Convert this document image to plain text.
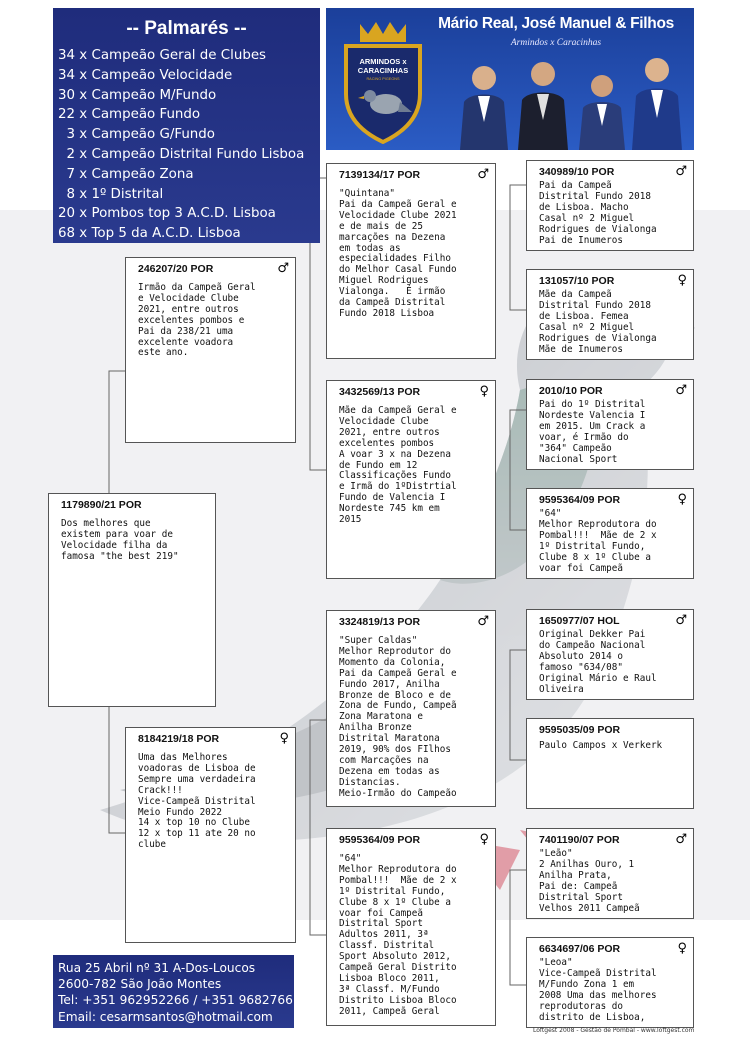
-- Palmarés --
34 x Campeão Geral de Clubes
34 x Campeão Velocidade
30 x Campeão M/Fundo
22 x Campeão Fundo
3 x Campeão G/Fundo
2 x Campeão Distrital Fundo Lisboa
7 x Campeão Zona
8 x 1º Distrital
20 x Pombos top 3 A.C.D. Lisboa
68 x Top 5 da A.C.D. Lisboa
ARMINDOS x
CARACINHAS
RACING PIGEONS
Mário Real, José Manuel & Filhos
Armindos x Caracinhas
1179890/21 POR
Dos melhores que
existem para voar de
Velocidade filha da
famosa "the best 219"
246207/20 POR	♂
Irmão da Campeã Geral
e Velocidade Clube
2021, entre outros
excelentes pombos e
Pai da 238/21 uma
excelente voadora
este ano.
8184219/18 POR	♀
Uma das Melhores
voadoras de Lisboa de
Sempre uma verdadeira
Crack!!!
Vice-Campeã Distrital
Meio Fundo 2022
14 x top 10 no Clube
12 x top 11 ate 20 no
clube
7139134/17 POR	♂
"Quintana"
Pai da Campeã Geral e
Velocidade Clube 2021
e de mais de 25
marcações na Dezena
em todas as
especialidades Filho
do Melhor Casal Fundo
Miguel Rodrigues
Vialonga.   É irmão
da Campeã Distrital
Fundo 2018 Lisboa
3432569/13 POR	♀
Mãe da Campeã Geral e
Velocidade Clube
2021, entre outros
excelentes pombos
A voar 3 x na Dezena
de Fundo em 12
Classificações Fundo
e Irmã do 1ºDistrtial
Fundo de Valencia I
Nordeste 745 km em
2015
3324819/13 POR	♂
"Super Caldas"
Melhor Reprodutor do
Momento da Colonia,
Pai da Campeã Geral e
Fundo 2017, Anilha
Bronze de Bloco e de
Zona de Fundo, Campeã
Zona Maratona e
Anilha Bronze
Distrital Maratona
2019, 90% dos FIlhos
com Marcações na
Dezena em todas as
Distancias.
Meio-Irmão do Campeão
9595364/09 POR	♀
"64"
Melhor Reprodutora do
Pombal!!!  Mãe de 2 x
1º Distrital Fundo,
Clube 8 x 1º Clube a
voar foi Campeã
Distrital Sport
Adultos 2011, 3ª
Classf. Distrital
Sport Absoluto 2012,
Campeã Geral Distrito
Lisboa Bloco 2011,
3ª Classf. M/Fundo
Distrito Lisboa Bloco
2011, Campeã Geral
340989/10 POR	♂
Pai da Campeã
Distrital Fundo 2018
de Lisboa. Macho
Casal nº 2 Miguel
Rodrigues de Vialonga
Pai de Inumeros
131057/10 POR	♀
Mãe da Campeã
Distrital Fundo 2018
de Lisboa. Femea
Casal nº 2 Miguel
Rodrigues de Vialonga
Mãe de Inumeros
2010/10 POR	♂
Pai do 1º Distrital
Nordeste Valencia I
em 2015. Um Crack a
voar, é Irmão do
"364" Campeão
Nacional Sport
9595364/09 POR	♀
"64"
Melhor Reprodutora do
Pombal!!!  Mãe de 2 x
1º Distrital Fundo,
Clube 8 x 1º Clube a
voar foi Campeã
1650977/07 HOL	♂
Original Dekker Pai
do Campeão Nacional
Absoluto 2014 o
famoso "634/08"
Original Mário e Raul
Oliveira
9595035/09 POR
Paulo Campos x Verkerk
7401190/07 POR	♂
"Leão"
2 Anilhas Ouro, 1
Anilha Prata,
Pai de: Campeã
Distrital Sport
Velhos 2011 Campeã
6634697/06 POR	♀
"Leoa"
Vice-Campeã Distrital
M/Fundo Zona 1 em
2008 Uma das melhores
reprodutoras do
distrito de Lisboa,
Rua 25 Abril nº 31 A-Dos-Loucos
2600-782 São João Montes
Tel: +351 962952266 / +351 968276613
Email: cesarmsantos@hotmail.com
Loftgest 2008 - Gestão de Pombal - www.loftgest.com
